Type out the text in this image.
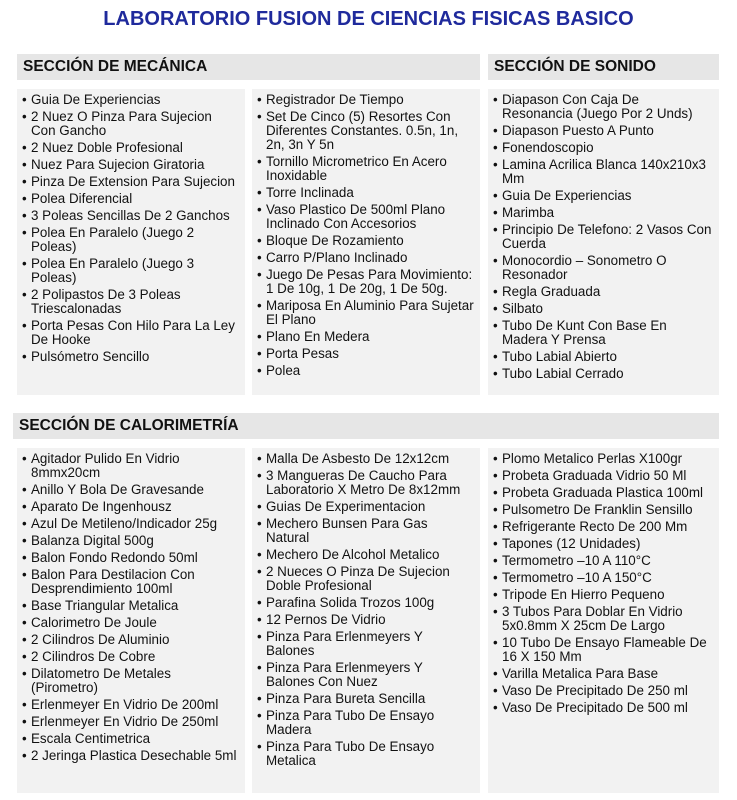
LABORATORIO FUSION DE CIENCIAS FISICAS BASICO
SECCIÓN DE MECÁNICA	SECCIÓN DE SONIDO
• Guia De Experiencias
• 2 Nuez O Pinza Para Sujecion Con Gancho
• 2 Nuez Doble Profesional
• Nuez Para Sujecion Giratoria
• Pinza De Extension Para Sujecion
• Polea Diferencial
• 3 Poleas Sencillas De 2 Ganchos
• Polea En Paralelo (Juego 2 Poleas)
• Polea En Paralelo (Juego 3 Poleas)
• 2 Polipastos De 3 Poleas Triescalonadas
• Porta Pesas Con Hilo Para La Ley De Hooke
• Pulsómetro Sencillo
• Registrador De Tiempo
• Set De Cinco (5) Resortes Con Diferentes Constantes. 0.5n, 1n, 2n, 3n Y 5n
• Tornillo Micrometrico En Acero Inoxidable
• Torre Inclinada
• Vaso Plastico De 500ml Plano Inclinado Con Accesorios
• Bloque De Rozamiento
• Carro P/Plano Inclinado
• Juego De Pesas Para Movimiento: 1 De 10g, 1 De 20g, 1 De 50g.
• Mariposa En Aluminio Para Sujetar El Plano
• Plano En Medera
• Porta Pesas
• Polea
• Diapason Con Caja De Resonancia (Juego Por 2 Unds)
• Diapason Puesto A Punto
• Fonendoscopio
• Lamina Acrilica Blanca 140x210x3 Mm
• Guia De Experiencias
• Marimba
• Principio De Telefono: 2 Vasos Con Cuerda
• Monocordio – Sonometro O Resonador
• Regla Graduada
• Silbato
• Tubo De Kunt Con Base En Madera Y Prensa
• Tubo Labial Abierto
• Tubo Labial Cerrado
SECCIÓN DE CALORIMETRÍA
• Agitador Pulido En Vidrio 8mmx20cm
• Anillo Y Bola De Gravesande
• Aparato De Ingenhousz
• Azul De Metileno/Indicador 25g
• Balanza Digital 500g
• Balon Fondo Redondo 50ml
• Balon Para Destilacion Con Desprendimiento 100ml
• Base Triangular Metalica
• Calorimetro De Joule
• 2 Cilindros De Aluminio
• 2 Cilindros De Cobre
• Dilatometro De Metales (Pirometro)
• Erlenmeyer En Vidrio De 200ml
• Erlenmeyer En Vidrio De 250ml
• Escala Centimetrica
• 2 Jeringa Plastica Desechable 5ml
• Malla De Asbesto De 12x12cm
• 3 Mangueras De Caucho Para Laboratorio X Metro De 8x12mm
• Guias De Experimentacion
• Mechero Bunsen Para Gas Natural
• Mechero De Alcohol Metalico
• 2 Nueces O Pinza De Sujecion Doble Profesional
• Parafina Solida Trozos 100g
• 12 Pernos De Vidrio
• Pinza Para Erlenmeyers Y Balones
• Pinza Para Erlenmeyers Y Balones Con Nuez
• Pinza Para Bureta Sencilla
• Pinza Para Tubo De Ensayo Madera
• Pinza Para Tubo De Ensayo Metalica
• Plomo Metalico Perlas X100gr
• Probeta Graduada Vidrio 50 Ml
• Probeta Graduada Plastica 100ml
• Pulsometro De Franklin Sensillo
• Refrigerante Recto De 200 Mm
• Tapones (12 Unidades)
• Termometro –10 A 110°C
• Termometro –10 A 150°C
• Tripode En Hierro Pequeno
• 3 Tubos Para Doblar En Vidrio 5x0.8mm X 25cm De Largo
• 10 Tubo De Ensayo Flameable De 16 X 150 Mm
• Varilla Metalica Para Base
• Vaso De Precipitado De 250 ml
• Vaso De Precipitado De 500 ml
